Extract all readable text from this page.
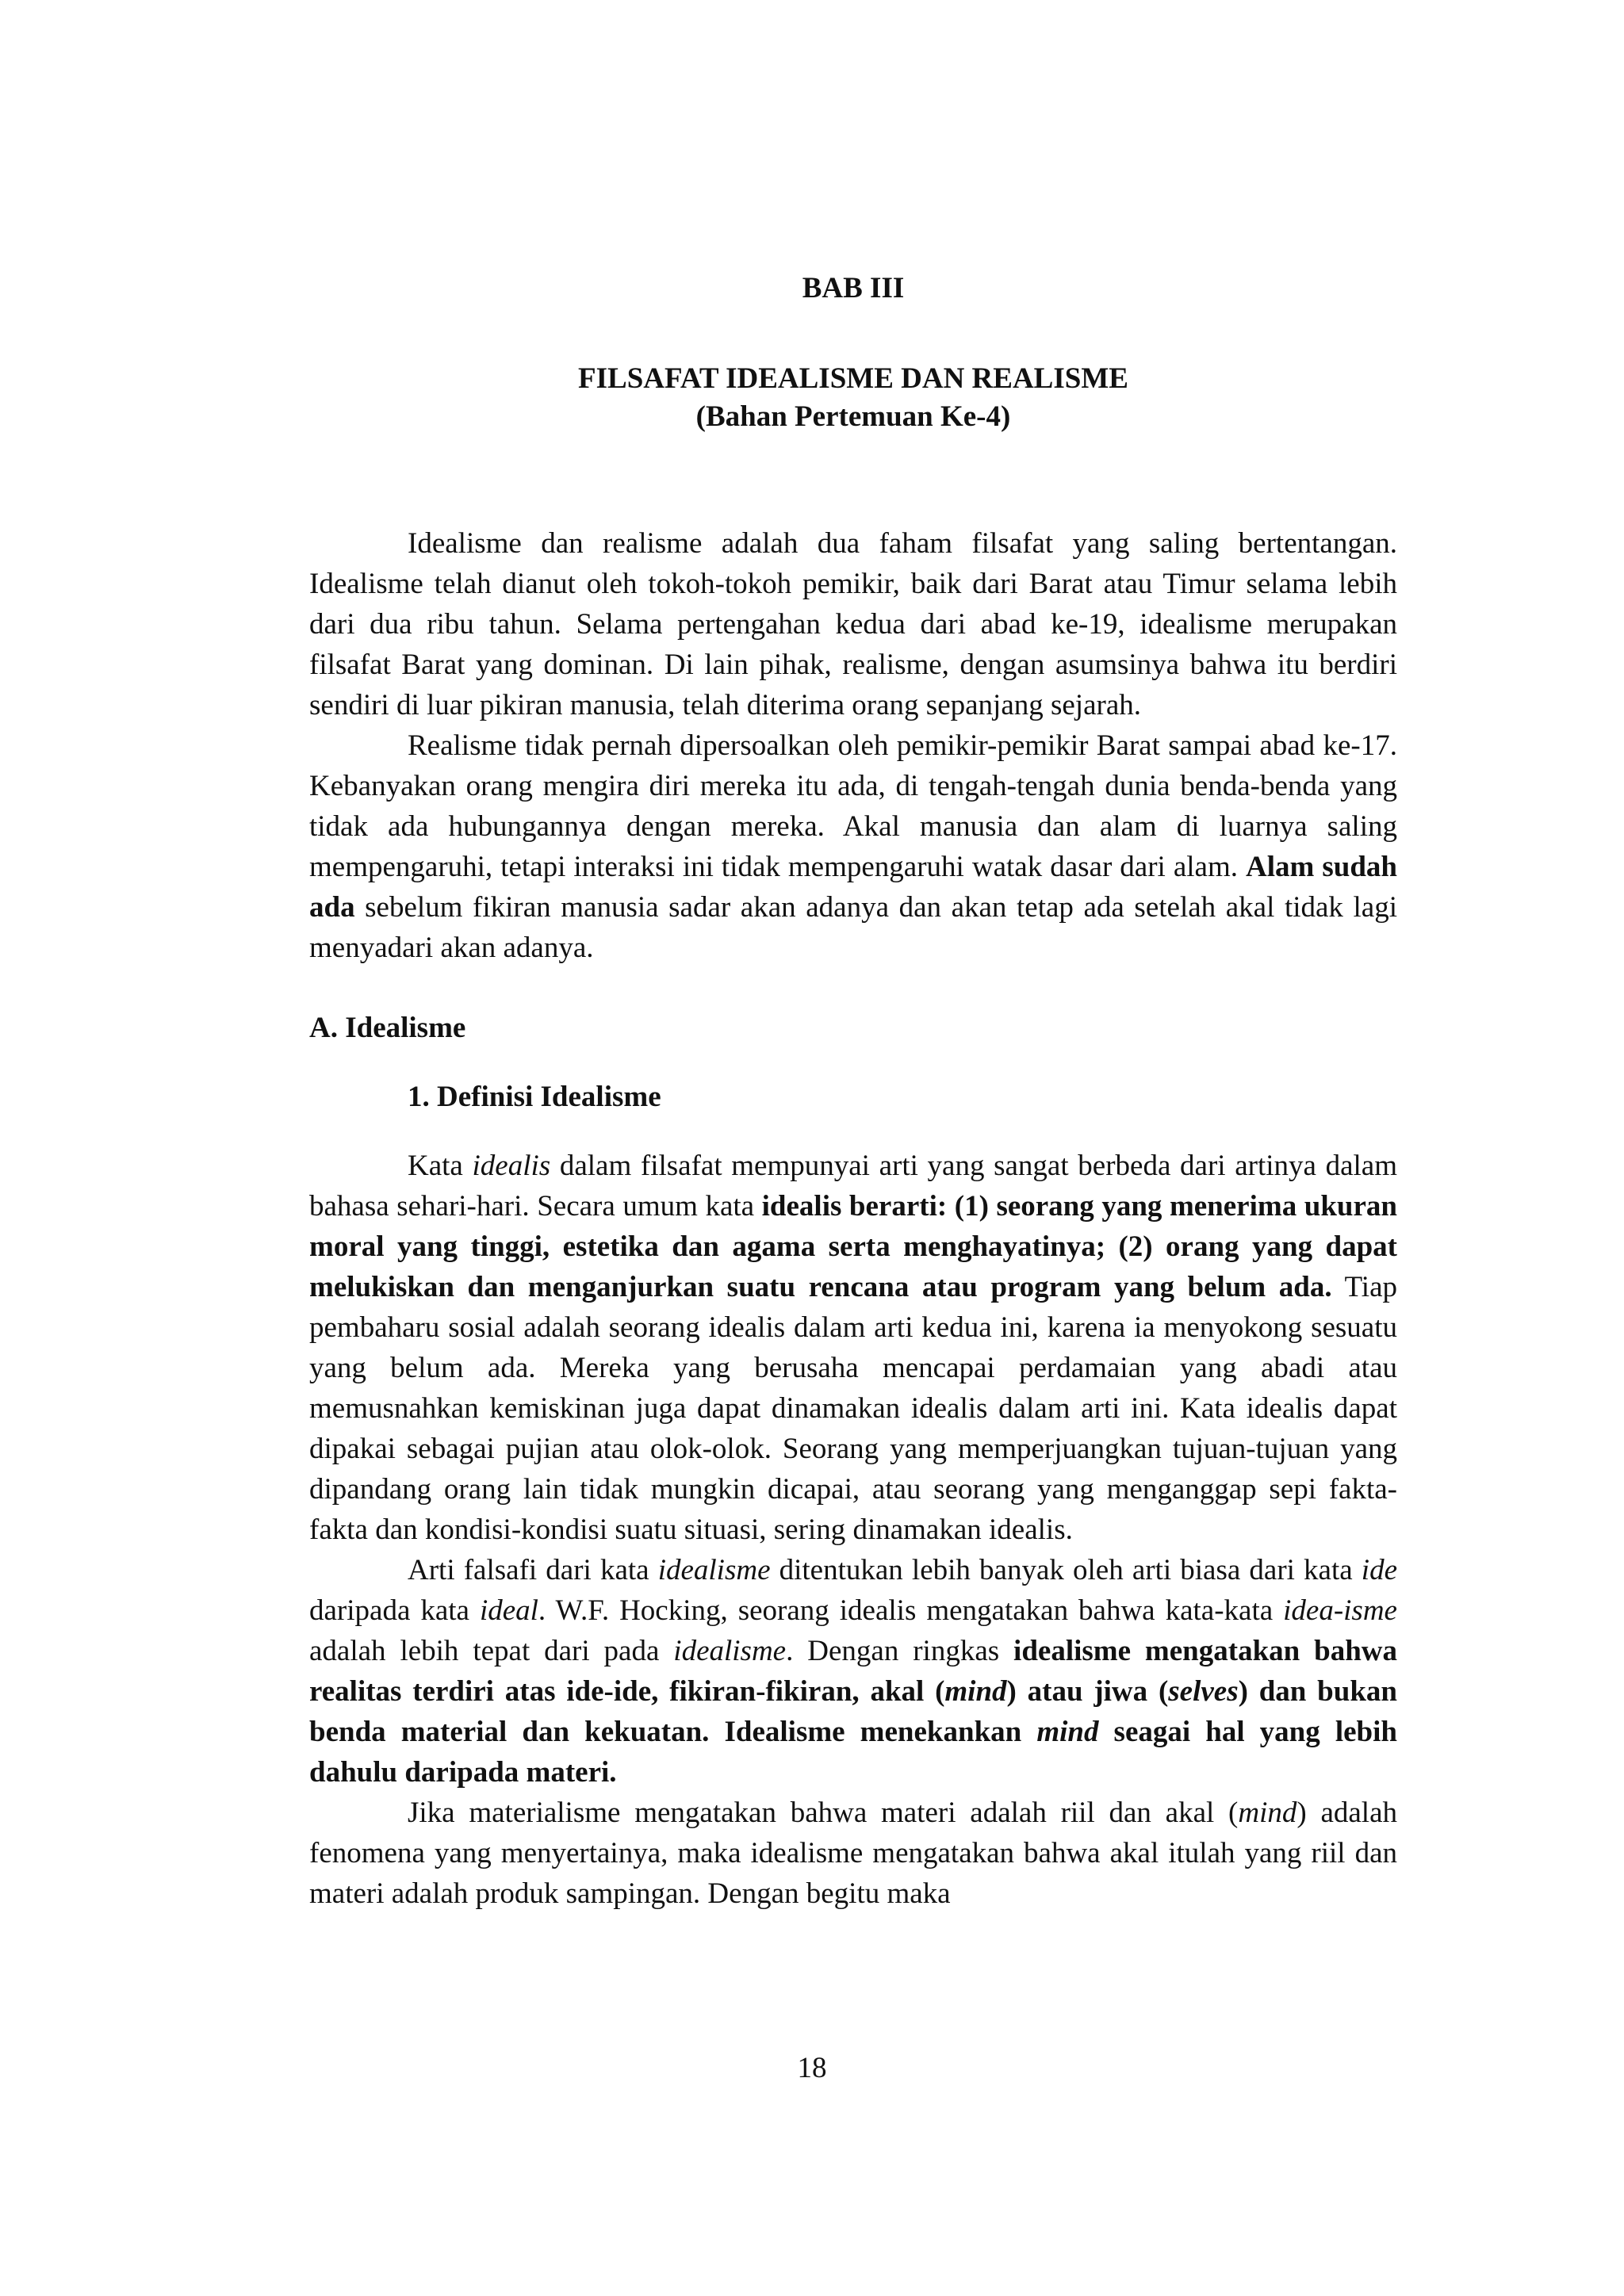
BAB III
FILSAFAT IDEALISME DAN REALISME
(Bahan Pertemuan Ke-4)

Idealisme dan realisme adalah dua faham filsafat yang saling bertentangan. Idealisme telah dianut oleh tokoh-tokoh pemikir, baik dari Barat atau Timur selama lebih dari dua ribu tahun. Selama pertengahan kedua dari abad ke-19, idealisme merupakan filsafat Barat yang dominan. Di lain pihak, realisme, dengan asumsinya bahwa itu berdiri sendiri di luar pikiran manusia, telah diterima orang sepanjang sejarah.

Realisme tidak pernah dipersoalkan oleh pemikir-pemikir Barat sampai abad ke-17. Kebanyakan orang mengira diri mereka itu ada, di tengah-tengah dunia benda-benda yang tidak ada hubungannya dengan mereka. Akal manusia dan alam di luarnya saling mempengaruhi, tetapi interaksi ini tidak mempengaruhi watak dasar dari alam. Alam sudah ada sebelum fikiran manusia sadar akan adanya dan akan tetap ada setelah akal tidak lagi menyadari akan adanya.

A. Idealisme
1. Definisi Idealisme

Kata idealis dalam filsafat mempunyai arti yang sangat berbeda dari artinya dalam bahasa sehari-hari. Secara umum kata idealis berarti: (1) seorang yang menerima ukuran moral yang tinggi, estetika dan agama serta menghayatinya; (2) orang yang dapat melukiskan dan menganjurkan suatu rencana atau program yang belum ada. Tiap pembaharu sosial adalah seorang idealis dalam arti kedua ini, karena ia menyokong sesuatu yang belum ada. Mereka yang berusaha mencapai perdamaian yang abadi atau memusnahkan kemiskinan juga dapat dinamakan idealis dalam arti ini. Kata idealis dapat dipakai sebagai pujian atau olok-olok. Seorang yang memperjuangkan tujuan-tujuan yang dipandang orang lain tidak mungkin dicapai, atau seorang yang menganggap sepi fakta-fakta dan kondisi-kondisi suatu situasi, sering dinamakan idealis.

Arti falsafi dari kata idealisme ditentukan lebih banyak oleh arti biasa dari kata ide daripada kata ideal. W.F. Hocking, seorang idealis mengatakan bahwa kata-kata idea-isme adalah lebih tepat dari pada idealisme. Dengan ringkas idealisme mengatakan bahwa realitas terdiri atas ide-ide, fikiran-fikiran, akal (mind) atau jiwa (selves) dan bukan benda material dan kekuatan. Idealisme menekankan mind seagai hal yang lebih dahulu daripada materi.

Jika materialisme mengatakan bahwa materi adalah riil dan akal (mind) adalah fenomena yang menyertainya, maka idealisme mengatakan bahwa akal itulah yang riil dan materi adalah produk sampingan. Dengan begitu maka

18
